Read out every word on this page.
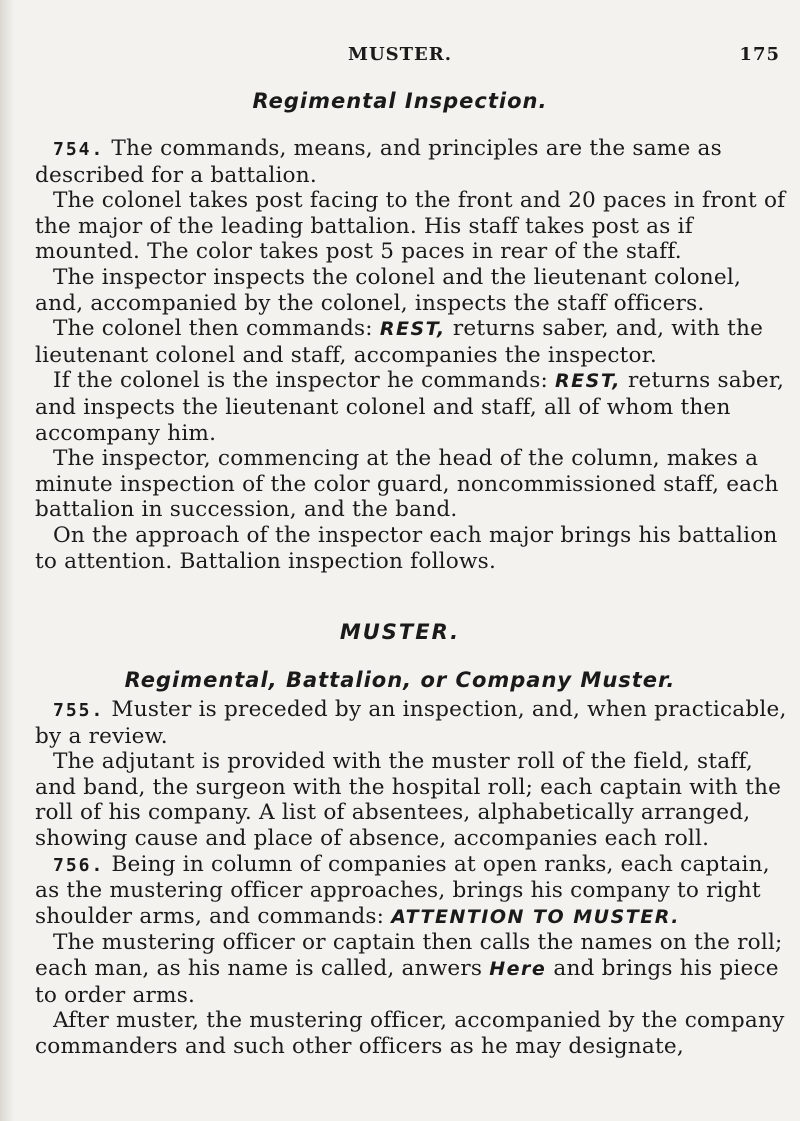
MUSTER.	175
Regimental Inspection.

754. The commands, means, and principles are the same as described for a battalion.

The colonel takes post facing to the front and 20 paces in front of the major of the leading battalion. His staff takes post as if mounted. The color takes post 5 paces in rear of the staff.

The inspector inspects the colonel and the lieutenant colonel, and, accompanied by the colonel, inspects the staff officers.

The colonel then commands: REST, returns saber, and, with the lieutenant colonel and staff, accompanies the inspector.

If the colonel is the inspector he commands: REST, returns saber, and inspects the lieutenant colonel and staff, all of whom then accompany him.

The inspector, commencing at the head of the column, makes a minute inspection of the color guard, noncommissioned staff, each battalion in succession, and the band.

On the approach of the inspector each major brings his battalion to attention. Battalion inspection follows.

MUSTER.
Regimental, Battalion, or Company Muster.

755. Muster is preceded by an inspection, and, when practicable, by a review.

The adjutant is provided with the muster roll of the field, staff, and band, the surgeon with the hospital roll; each captain with the roll of his company. A list of absentees, alphabetically arranged, showing cause and place of absence, accompanies each roll.

756. Being in column of companies at open ranks, each captain, as the mustering officer approaches, brings his company to right shoulder arms, and commands: ATTENTION TO MUSTER.

The mustering officer or captain then calls the names on the roll; each man, as his name is called, anwers Here and brings his piece to order arms.

After muster, the mustering officer, accompanied by the company commanders and such other officers as he may designate,
